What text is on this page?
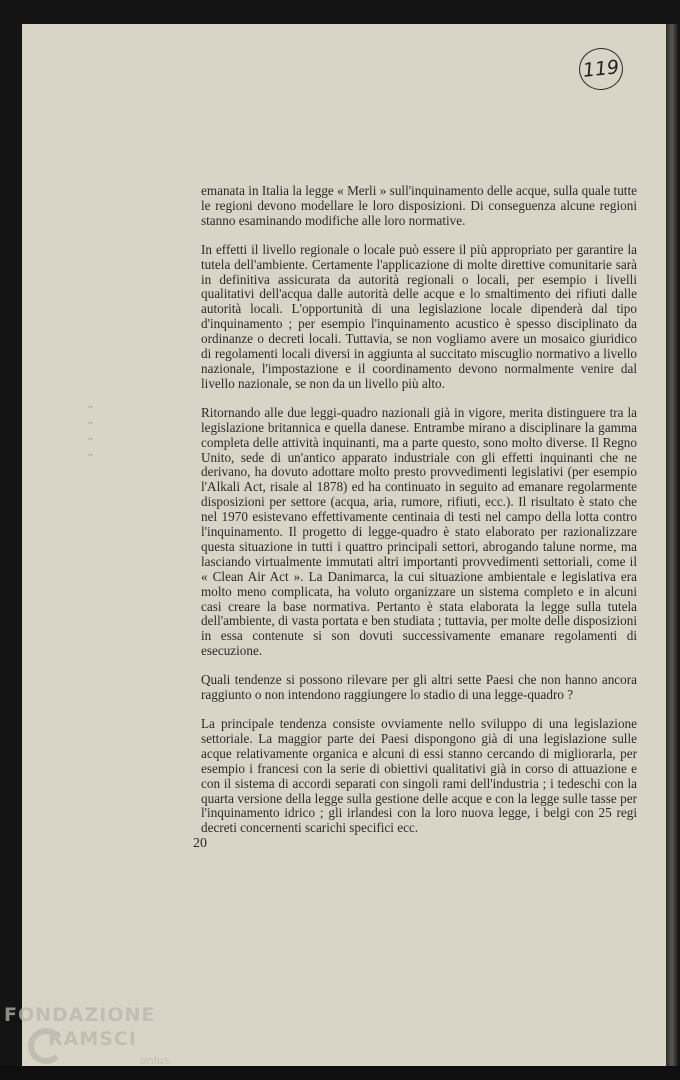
119
~
~
~
~

emanata in Italia la legge « Merli » sull'inquinamento delle acque, sulla quale tutte le regioni devono modellare le loro disposizioni. Di conseguenza alcune regioni stanno esaminando modifiche alle loro normative.

In effetti il livello regionale o locale può essere il più appropriato per garantire la tutela dell'ambiente. Certamente l'applicazione di molte direttive comunitarie sarà in definitiva assicurata da autorità regionali o locali, per esempio i livelli qualitativi dell'acqua dalle autorità delle acque e lo smaltimento dei rifiuti dalle autorità locali. L'opportunità di una legislazione locale dipenderà dal tipo d'inquinamento ; per esempio l'inquinamento acustico è spesso disciplinato da ordinanze o decreti locali. Tuttavia, se non vogliamo avere un mosaico giuridico di regolamenti locali diversi in aggiunta al succitato miscuglio normativo a livello nazionale, l'impostazione e il coordinamento devono normalmente venire dal livello nazionale, se non da un livello più alto.

Ritornando alle due leggi-quadro nazionali già in vigore, merita distinguere tra la legislazione britannica e quella danese. Entrambe mirano a disciplinare la gamma completa delle attività inquinanti, ma a parte questo, sono molto diverse. Il Regno Unito, sede di un'antico apparato industriale con gli effetti inquinanti che ne derivano, ha dovuto adottare molto presto provvedimenti legislativi (per esempio l'Alkali Act, risale al 1878) ed ha continuato in seguito ad emanare regolarmente disposizioni per settore (acqua, aria, rumore, rifiuti, ecc.). Il risultato è stato che nel 1970 esistevano effettivamente centinaia di testi nel campo della lotta contro l'inquinamento. Il progetto di legge-quadro è stato elaborato per razionalizzare questa situazione in tutti i quattro principali settori, abrogando talune norme, ma lasciando virtualmente immutati altri importanti provvedimenti settoriali, come il « Clean Air Act ». La Danimarca, la cui situazione ambientale e legislativa era molto meno complicata, ha voluto organizzare un sistema completo e in alcuni casi creare la base normativa. Pertanto è stata elaborata la legge sulla tutela dell'ambiente, di vasta portata e ben studiata ; tuttavia, per molte delle disposizioni in essa contenute si son dovuti successivamente emanare regolamenti di esecuzione.

Quali tendenze si possono rilevare per gli altri sette Paesi che non hanno ancora raggiunto o non intendono raggiungere lo stadio di una legge-quadro ?

La principale tendenza consiste ovviamente nello sviluppo di una legislazione settoriale. La maggior parte dei Paesi dispongono già di una legislazione sulle acque relativamente organica e alcuni di essi stanno cercando di migliorarla, per esempio i francesi con la serie di obiettivi qualitativi già in corso di attuazione e con il sistema di accordi separati con singoli rami dell'industria ; i tedeschi con la quarta versione della legge sulla gestione delle acque e con la legge sulle tasse per l'inquinamento idrico ; gli irlandesi con la loro nuova legge, i belgi con 25 regi decreti concernenti scarichi specifici ecc.

20
FONDAZIONE
RAMSCI
onlus
